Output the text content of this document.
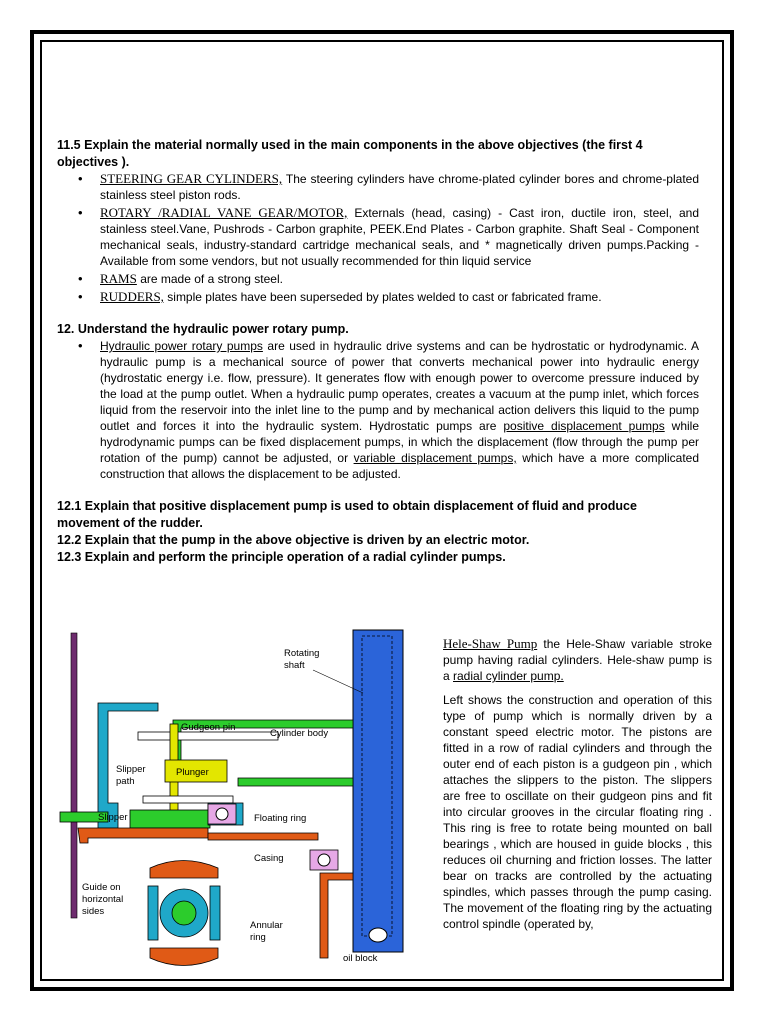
11.5 Explain the material normally used in the main components in the above objectives (the first 4 objectives ).
• STEERING GEAR CYLINDERS, The steering cylinders have chrome-plated cylinder bores and chrome-plated stainless steel piston rods.
• ROTARY /RADIAL VANE GEAR/MOTOR, Externals (head, casing) - Cast iron, ductile iron, steel, and stainless steel.Vane, Pushrods - Carbon graphite, PEEK.End Plates - Carbon graphite. Shaft Seal - Component mechanical seals, industry-standard cartridge mechanical seals, and * magnetically driven pumps.Packing - Available from some vendors, but not usually recommended for thin liquid service
• RAMS are made of a strong steel.
• RUDDERS, simple plates have been superseded by plates welded to cast or fabricated frame.
12. Understand the hydraulic power rotary pump.
• Hydraulic power rotary pumps are used in hydraulic drive systems and can be hydrostatic or hydrodynamic. A hydraulic pump is a mechanical source of power that converts mechanical power into hydraulic energy (hydrostatic energy i.e. flow, pressure). It generates flow with enough power to overcome pressure induced by the load at the pump outlet. When a hydraulic pump operates, creates a vacuum at the pump inlet, which forces liquid from the reservoir into the inlet line to the pump and by mechanical action delivers this liquid to the pump outlet and forces it into the hydraulic system. Hydrostatic pumps are positive displacement pumps while hydrodynamic pumps can be fixed displacement pumps, in which the displacement (flow through the pump per rotation of the pump) cannot be adjusted, or variable displacement pumps, which have a more complicated construction that allows the displacement to be adjusted.
12.1 Explain that positive displacement pump is used to obtain displacement of fluid and produce movement of the rudder.
12.2 Explain that the pump in the above objective is driven by an electric motor.
12.3 Explain and perform the principle operation of a radial cylinder pumps.
Rotating
shaft
Gudgeon pin
Cylinder body
Slipper
path
Plunger
Slipper	Floating ring
Casing
Guide on
horizontal
sides
Annular
ring
oil block

Hele-Shaw Pump the Hele-Shaw variable stroke pump having radial cylinders. Hele-shaw pump is a radial cylinder pump.

Left shows the construction and operation of this type of pump which is normally driven by a constant speed electric motor. The pistons are fitted in a row of radial cylinders and through the outer end of each piston is a gudgeon pin , which attaches the slippers to the piston. The slippers are free to oscillate on their gudgeon pins and fit into circular grooves in the circular floating ring . This ring is free to rotate being mounted on ball bearings , which are housed in guide blocks , this reduces oil churning and friction losses. The latter bear on tracks are controlled by the actuating spindles, which passes through the pump casing. The movement of the floating ring by the actuating control spindle (operated by,
